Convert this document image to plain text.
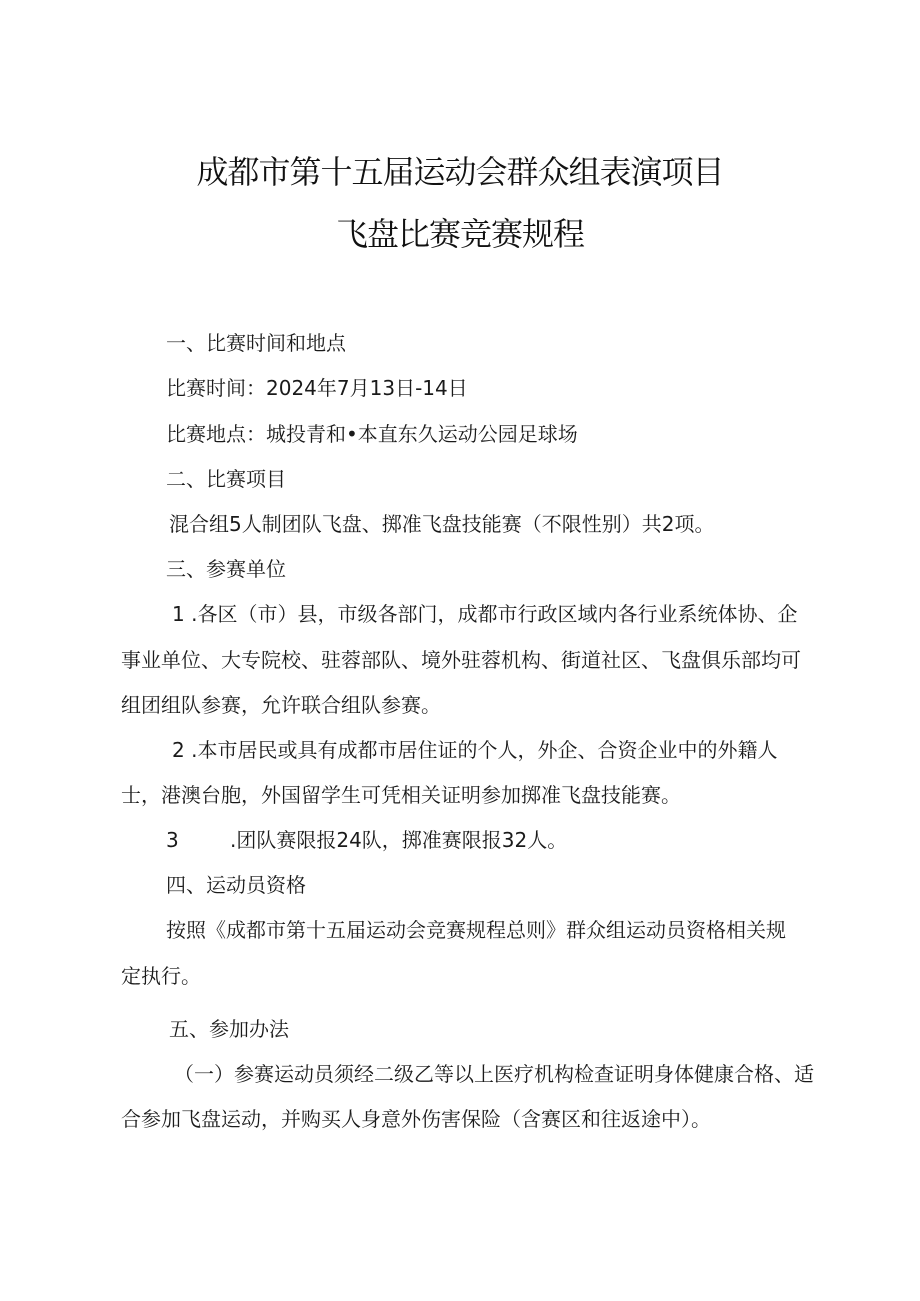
成都市第十五届运动会群众组表演项目
飞盘比赛竞赛规程
一、比赛时间和地点
比赛时间：2024年7月13日-14日
比赛地点：城投青和•本直东久运动公园足球场
二、比赛项目
混合组5人制团队飞盘、掷准飞盘技能赛（不限性别）共2项。
三、参赛单位
1 .各区（市）县，市级各部门，成都市行政区域内各行业系统体协、企
事业单位、大专院校、驻蓉部队、境外驻蓉机构、街道社区、飞盘俱乐部均可
组团组队参赛，允许联合组队参赛。
2 .本市居民或具有成都市居住证的个人，外企、合资企业中的外籍人
士，港澳台胞，外国留学生可凭相关证明参加掷准飞盘技能赛。
3	.团队赛限报24队，掷准赛限报32人。
四、运动员资格
按照《成都市第十五届运动会竞赛规程总则》群众组运动员资格相关规
定执行。
五、参加办法
（一）参赛运动员须经二级乙等以上医疗机构检查证明身体健康合格、适
合参加飞盘运动，并购买人身意外伤害保险（含赛区和往返途中）。
